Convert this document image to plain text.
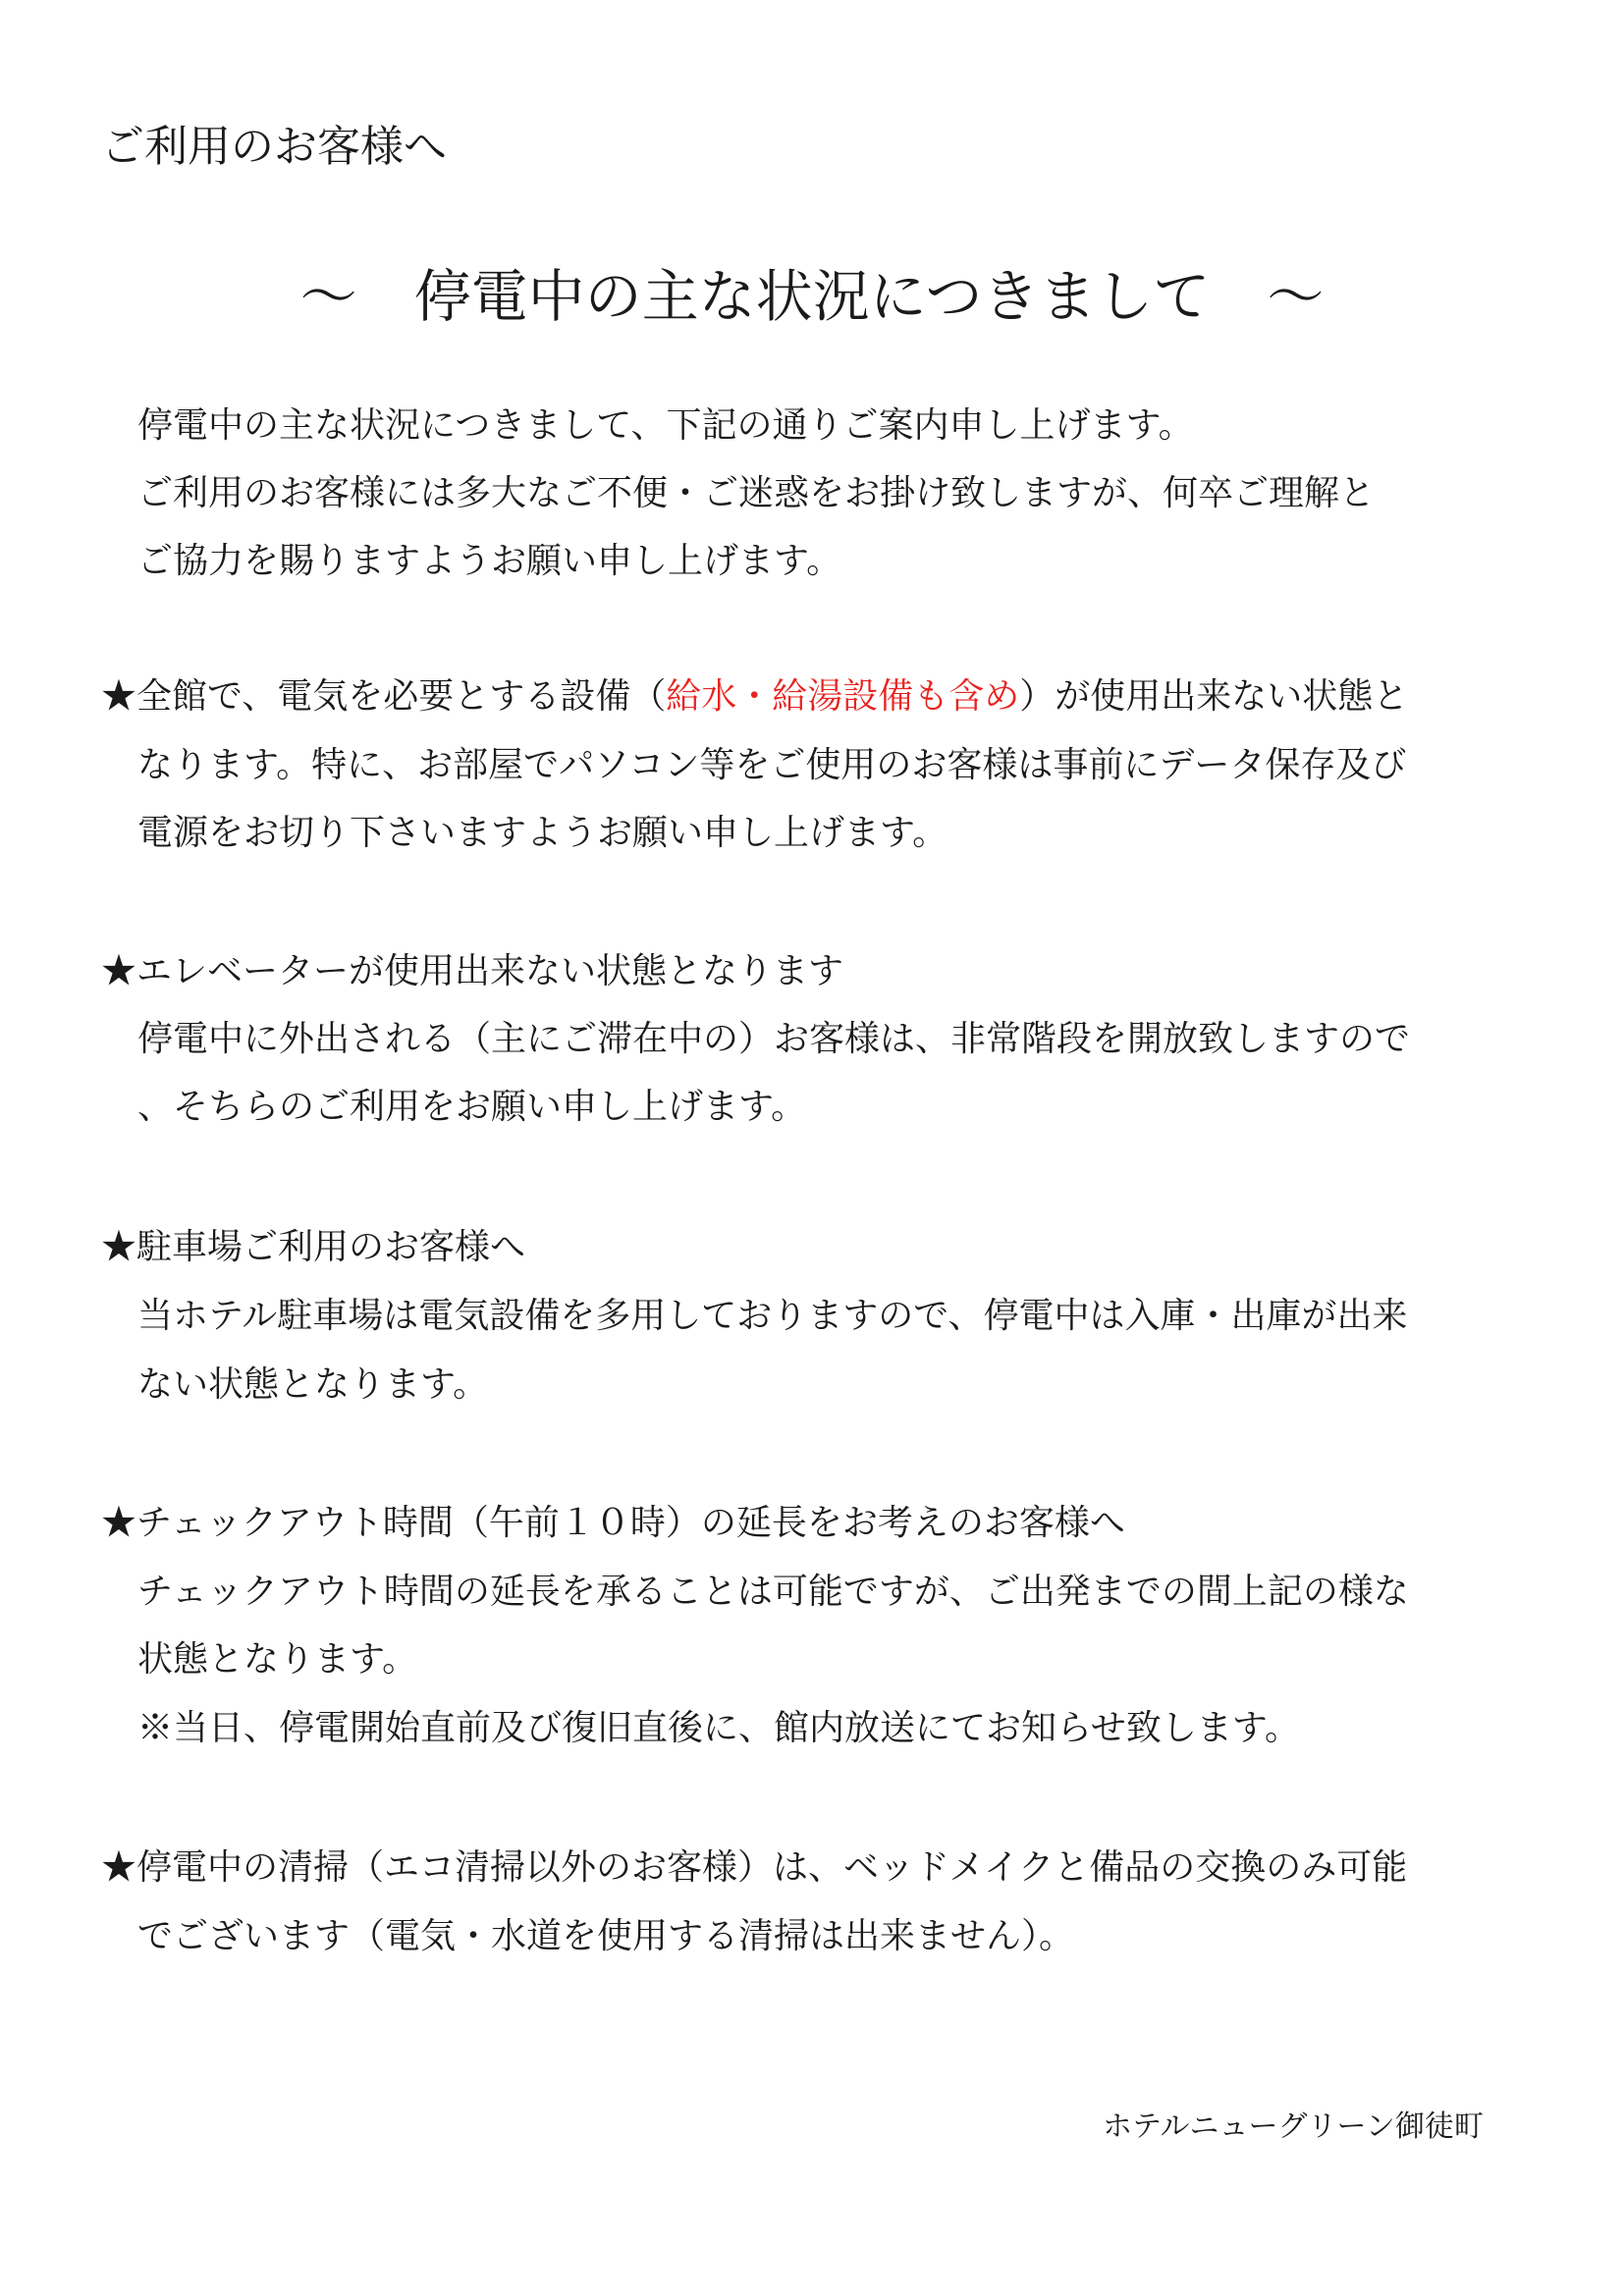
ご利用のお客様へ
～　停電中の主な状況につきまして　～
停電中の主な状況につきまして、下記の通りご案内申し上げます。
ご利用のお客様には多大なご不便・ご迷惑をお掛け致しますが、何卒ご理解と
ご協力を賜りますようお願い申し上げます。
★全館で、電気を必要とする設備（給水・給湯設備も含め）が使用出来ない状態と
なります。特に、お部屋でパソコン等をご使用のお客様は事前にデータ保存及び
電源をお切り下さいますようお願い申し上げます。
★エレベーターが使用出来ない状態となります
停電中に外出される（主にご滞在中の）お客様は、非常階段を開放致しますので
、そちらのご利用をお願い申し上げます。
★駐車場ご利用のお客様へ
当ホテル駐車場は電気設備を多用しておりますので、停電中は入庫・出庫が出来
ない状態となります。
★チェックアウト時間（午前１０時）の延長をお考えのお客様へ
チェックアウト時間の延長を承ることは可能ですが、ご出発までの間上記の様な
状態となります。
※当日、停電開始直前及び復旧直後に、館内放送にてお知らせ致します。
★停電中の清掃（エコ清掃以外のお客様）は、ベッドメイクと備品の交換のみ可能
でございます（電気・水道を使用する清掃は出来ません）。
ホテルニューグリーン御徒町
